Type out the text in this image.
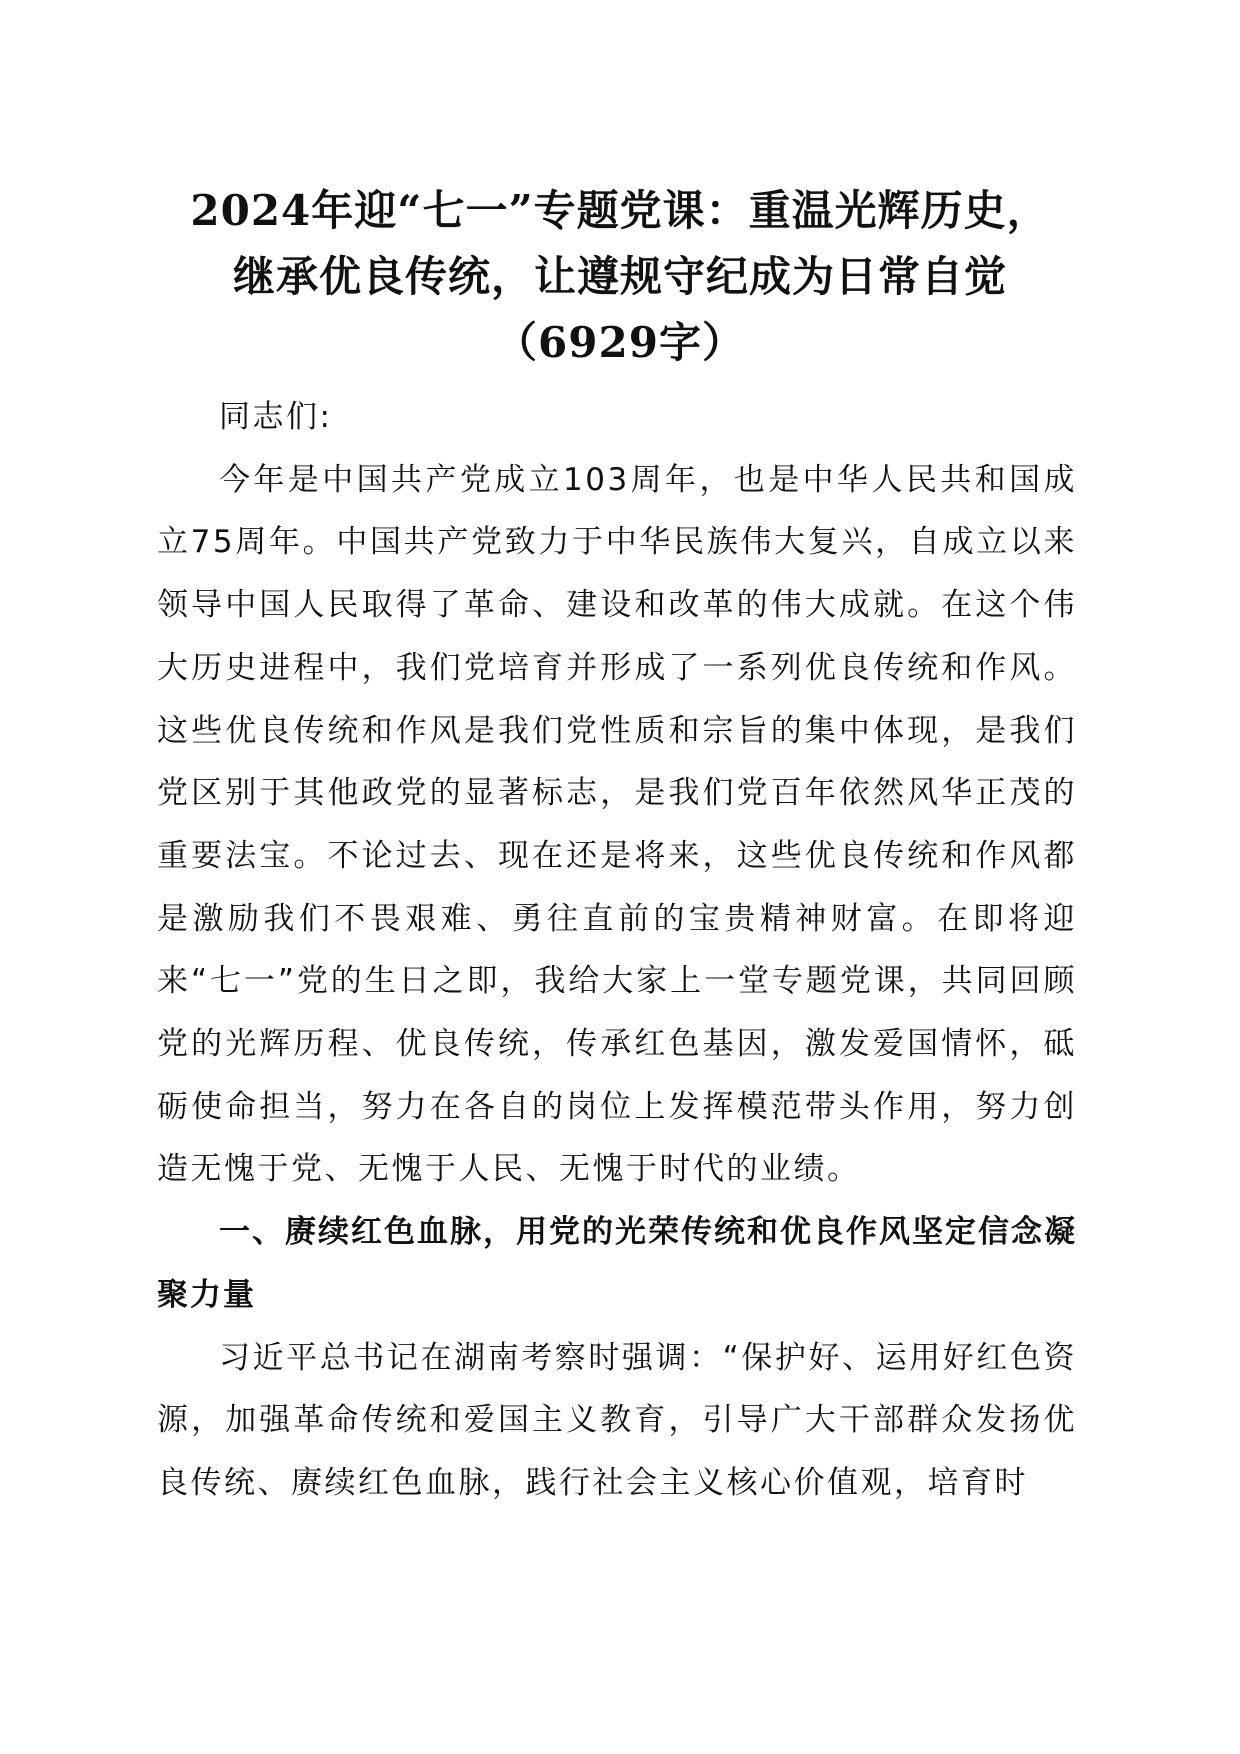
2024年迎“七一”专题党课：重温光辉历史，
继承优良传统，让遵规守纪成为日常自觉
（6929字）

同志们:

今年是中国共产党成立103周年，也是中华人民共和国成立75周年。中国共产党致力于中华民族伟大复兴，自成立以来领导中国人民取得了革命、建设和改革的伟大成就。在这个伟大历史进程中，我们党培育并形成了一系列优良传统和作风。这些优良传统和作风是我们党性质和宗旨的集中体现，是我们党区别于其他政党的显著标志，是我们党百年依然风华正茂的重要法宝。不论过去、现在还是将来，这些优良传统和作风都是激励我们不畏艰难、勇往直前的宝贵精神财富。在即将迎来“七一”党的生日之即，我给大家上一堂专题党课，共同回顾党的光辉历程、优良传统，传承红色基因，激发爱国情怀，砥砺使命担当，努力在各自的岗位上发挥模范带头作用，努力创造无愧于党、无愧于人民、无愧于时代的业绩。

一、赓续红色血脉，用党的光荣传统和优良作风坚定信念凝聚力量

习近平总书记在湖南考察时强调：“保护好、运用好红色资源，加强革命传统和爱国主义教育，引导广大干部群众发扬优良传统、赓续红色血脉，践行社会主义核心价值观，培育时
